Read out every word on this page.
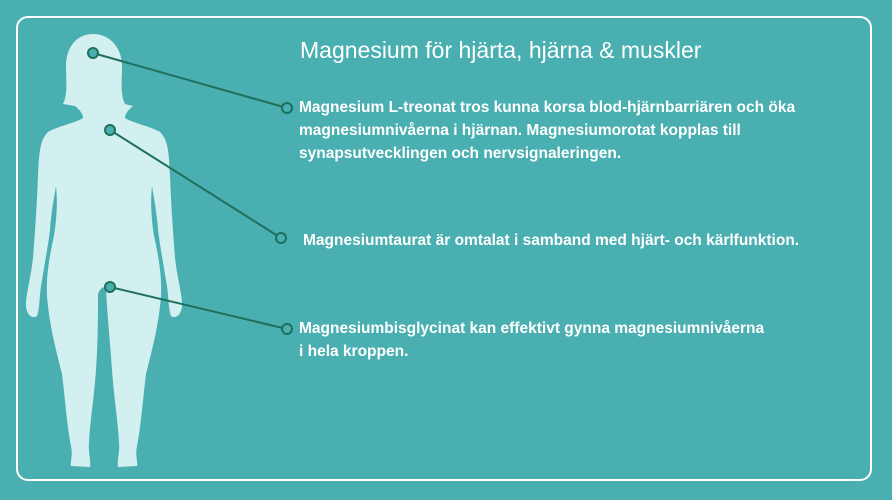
Magnesium för hjärta, hjärna & muskler
Magnesium L-treonat tros kunna korsa blod-hjärnbarriären och öka
magnesiumnivåerna i hjärnan. Magnesiumorotat kopplas till
synapsutvecklingen och nervsignaleringen.
Magnesiumtaurat är omtalat i samband med hjärt- och kärlfunktion.
Magnesiumbisglycinat kan effektivt gynna magnesiumnivåerna
i hela kroppen.
